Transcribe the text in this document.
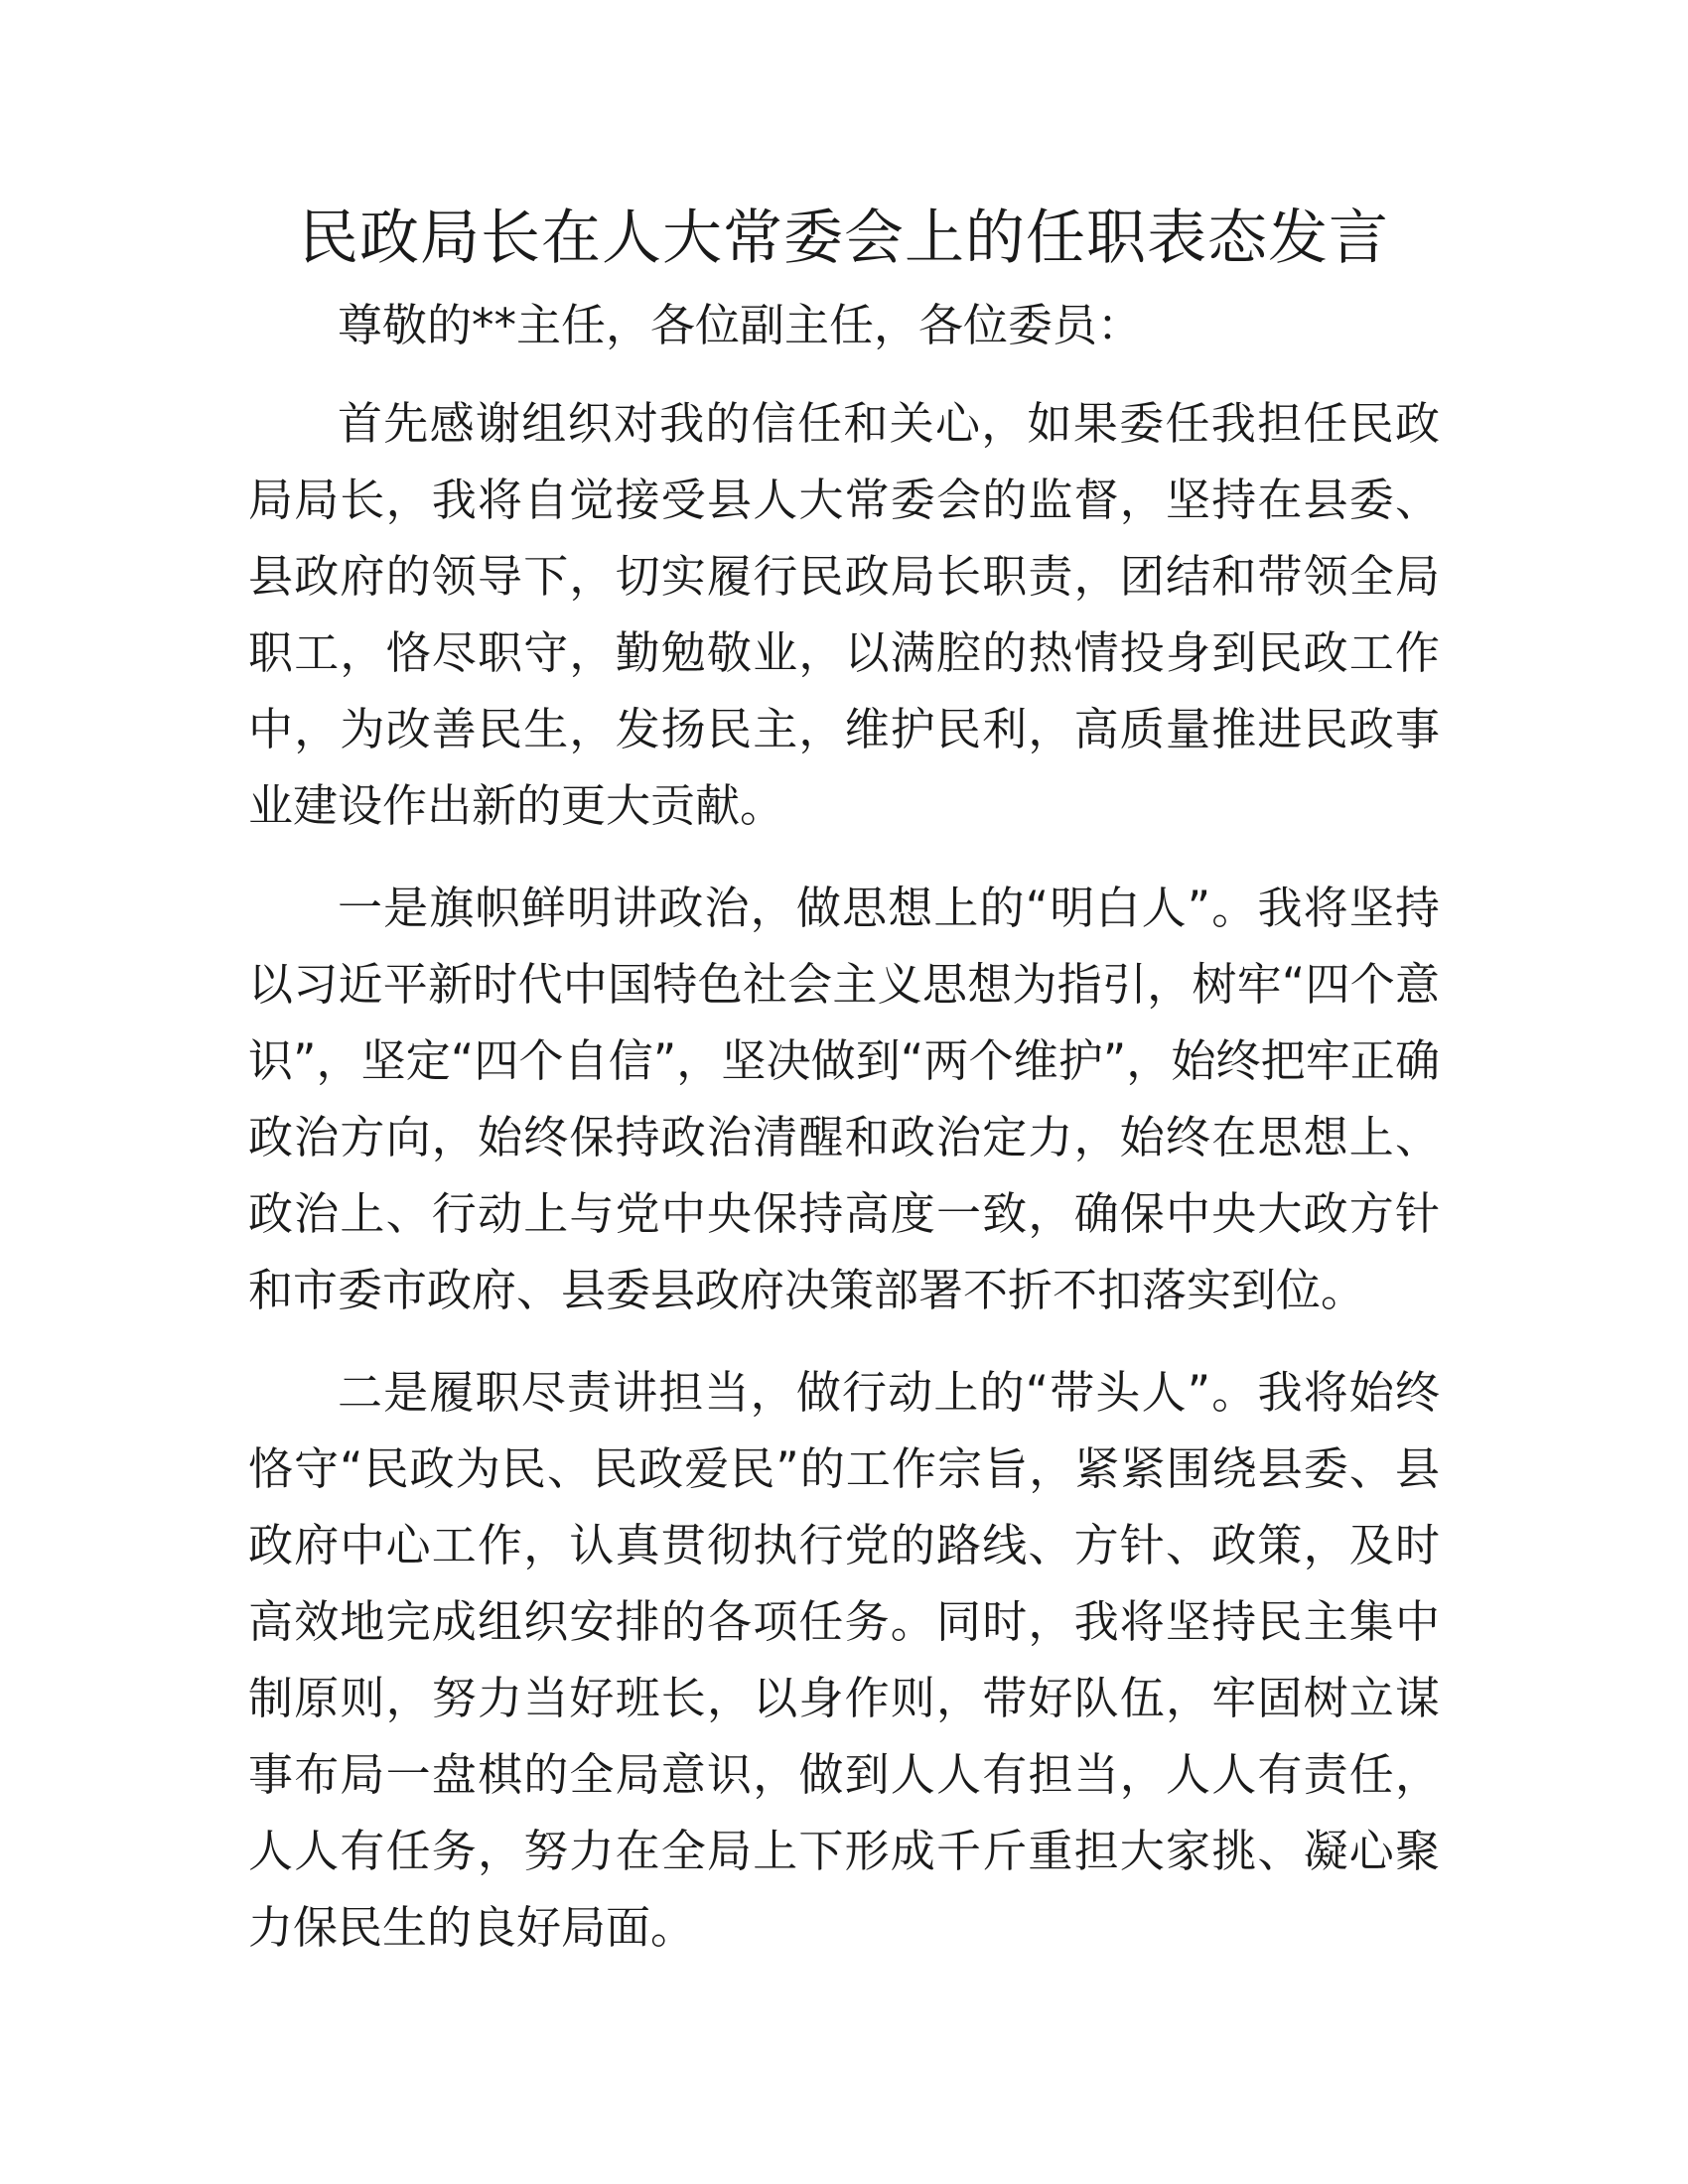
民政局长在人大常委会上的任职表态发言

尊敬的**主任，各位副主任，各位委员：

首先感谢组织对我的信任和关心，如果委任我担任民政局局长，我将自觉接受县人大常委会的监督，坚持在县委、县政府的领导下，切实履行民政局长职责，团结和带领全局职工，恪尽职守，勤勉敬业，以满腔的热情投身到民政工作中，为改善民生，发扬民主，维护民利，高质量推进民政事业建设作出新的更大贡献。

一是旗帜鲜明讲政治，做思想上的“明白人”。我将坚持以习近平新时代中国特色社会主义思想为指引，树牢“四个意识”，坚定“四个自信”，坚决做到“两个维护”，始终把牢正确政治方向，始终保持政治清醒和政治定力，始终在思想上、政治上、行动上与党中央保持高度一致，确保中央大政方针和市委市政府、县委县政府决策部署不折不扣落实到位。

二是履职尽责讲担当，做行动上的“带头人”。我将始终恪守“民政为民、民政爱民”的工作宗旨，紧紧围绕县委、县政府中心工作，认真贯彻执行党的路线、方针、政策，及时高效地完成组织安排的各项任务。同时，我将坚持民主集中制原则，努力当好班长，以身作则，带好队伍，牢固树立谋事布局一盘棋的全局意识，做到人人有担当，人人有责任，人人有任务，努力在全局上下形成千斤重担大家挑、凝心聚力保民生的良好局面。
